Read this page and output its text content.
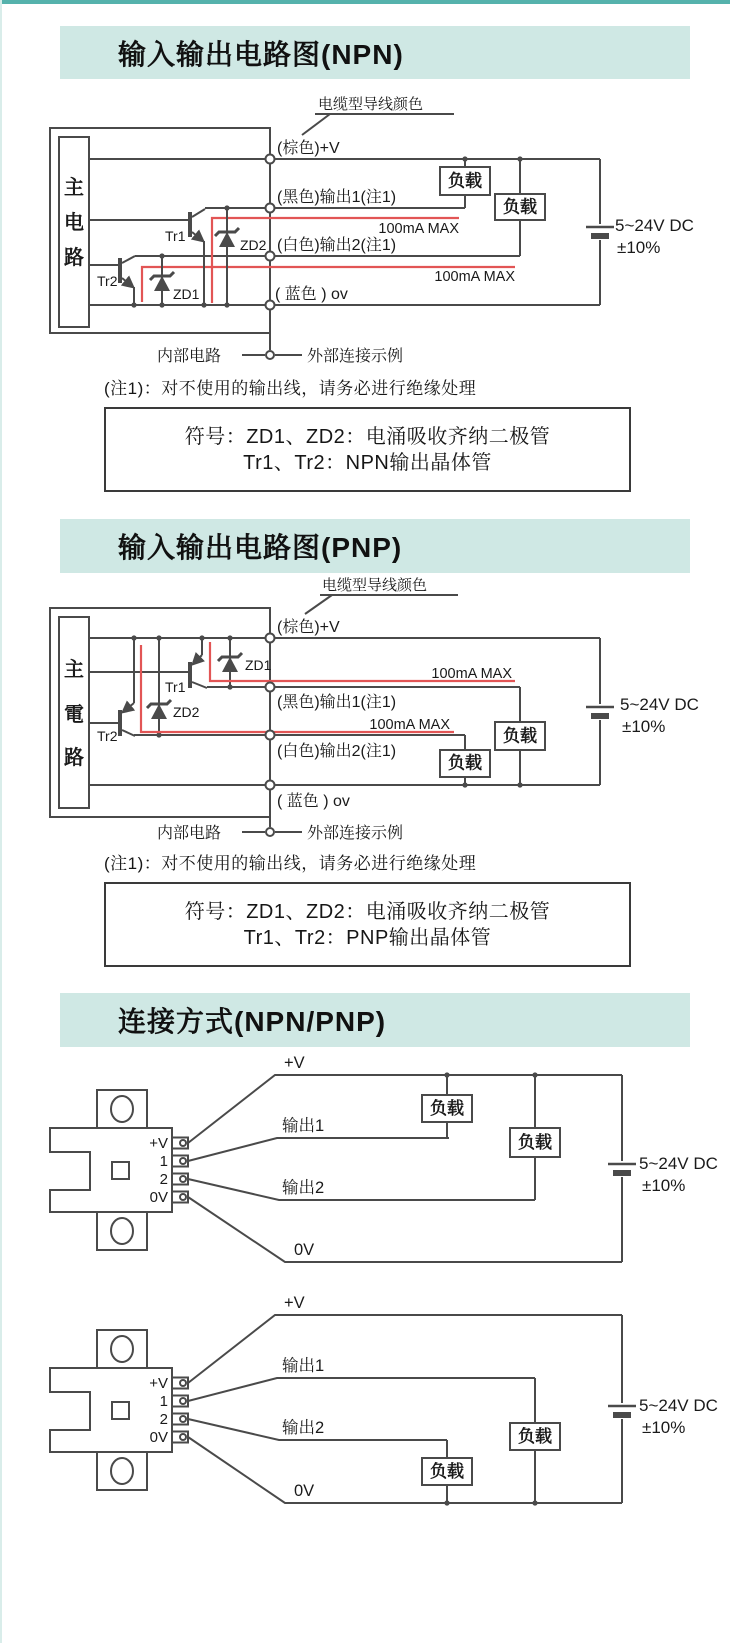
输入输出电路图(NPN)
电缆型导线颜色
主
电
路
5~24V DC
±10%
负载
负载
100mA MAX
100mA MAX
Tr1
Tr2
ZD2
ZD1
(棕色)+V
(黑色)输出1(注1)
(白色)输出2(注1)
( 蓝色 ) ov
内部电路	外部连接示例
(注1)：对不使用的输出线，请务必进行绝缘处理
符号：ZD1、ZD2：电涌吸收齐纳二极管
Tr1、Tr2：NPN输出晶体管
输入输出电路图(PNP)
电缆型导线颜色
主
電
路
5~24V DC
±10%
Tr1
Tr2
ZD1
ZD2
100mA MAX
100mA MAX
负载
负载
(棕色)+V
(黑色)输出1(注1)
(白色)输出2(注1)
( 蓝色 ) ov
内部电路	外部连接示例
(注1)：对不使用的输出线，请务必进行绝缘处理
符号：ZD1、ZD2：电涌吸收齐纳二极管
Tr1、Tr2：PNP输出晶体管
连接方式(NPN/PNP)
+V
5~24V DC
±10%
负载
负载
+V
输出1
输出2
0V
5~24V DC
±10%
负载
负载
+V
输出1
输出2
0V
